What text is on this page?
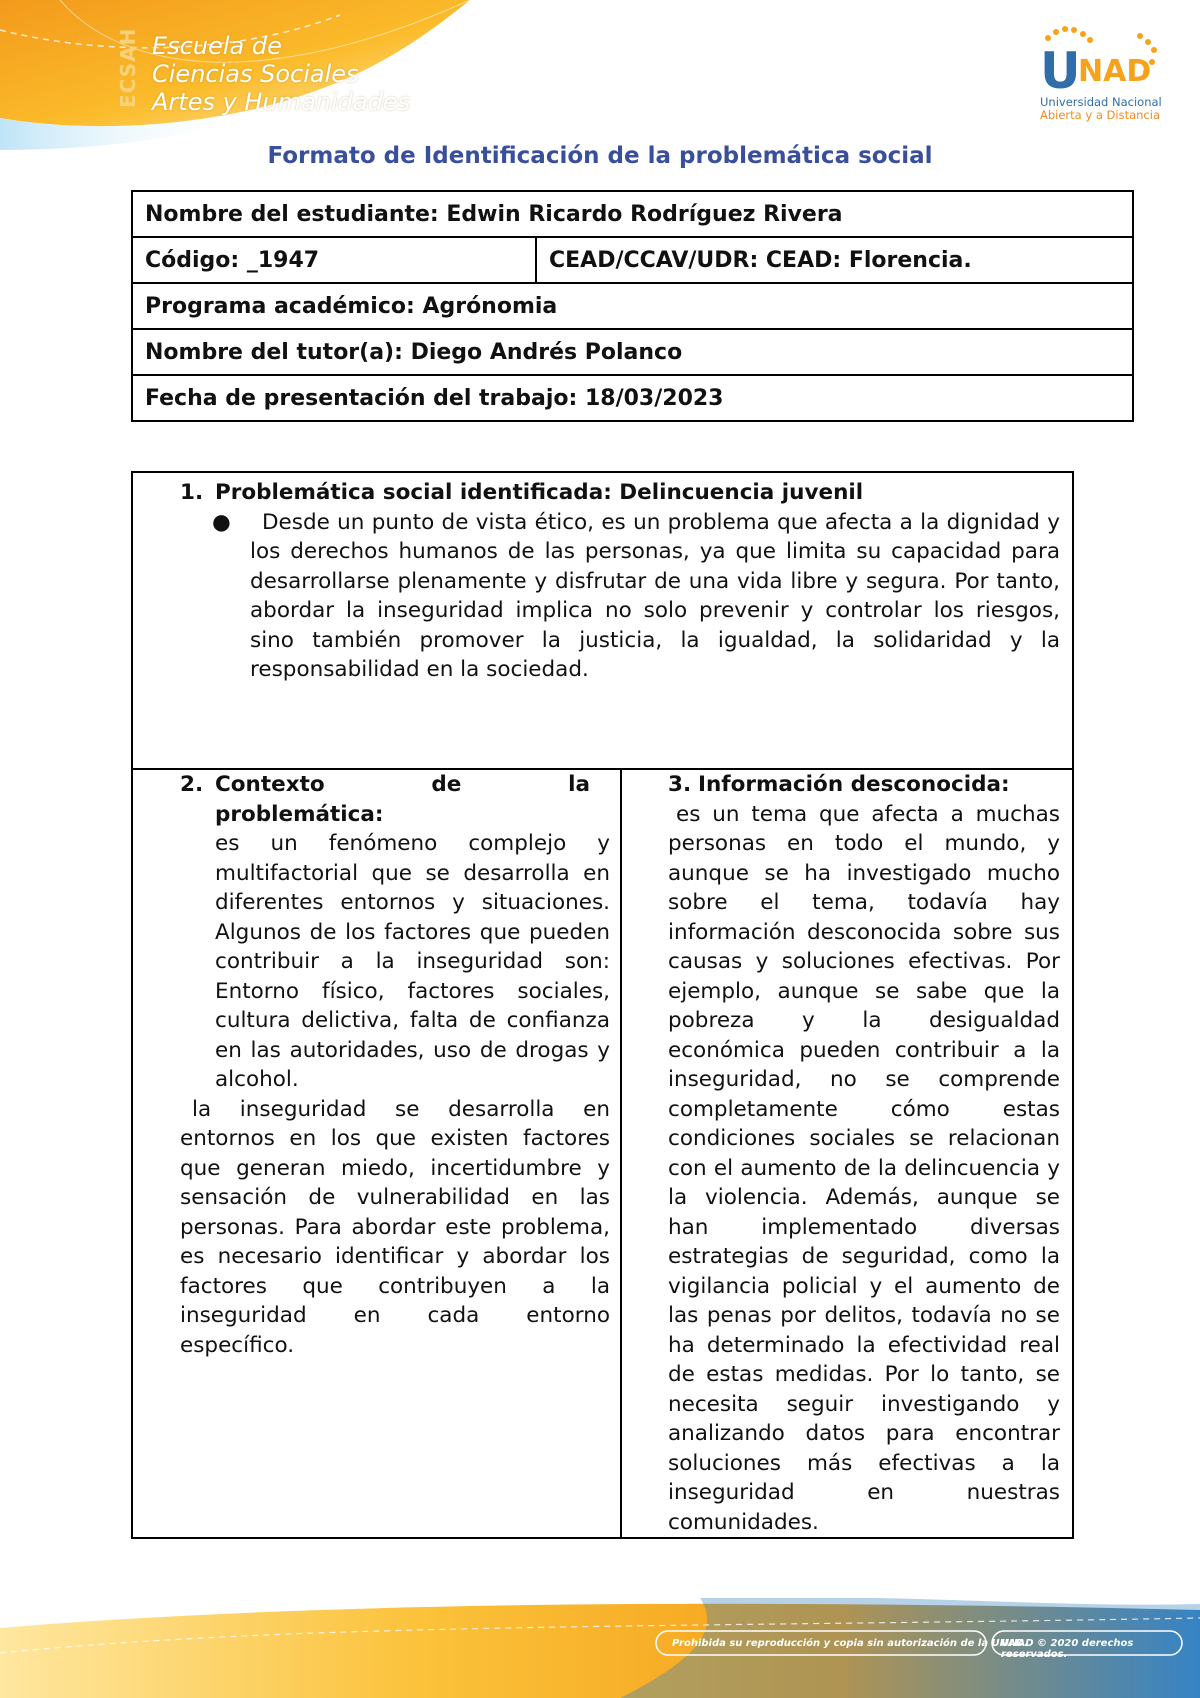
ECSAH Escuela de
Ciencias Sociales
Artes y Humanidades
U
NAD
Universidad Nacional
Abierta y a Distancia
Formato de Identificación de la problemática social
Nombre del estudiante: Edwin Ricardo Rodríguez Rivera
Código: _1947	CEAD/CCAV/UDR: CEAD: Florencia.
Programa académico: Agrónomia
Nombre del tutor(a): Diego Andrés Polanco
Fecha de presentación del trabajo: 18/03/2023
1. Problemática social identificada: Delincuencia juvenil
●	Desde un punto de vista ético, es un problema que afecta a la dignidad y los derechos humanos de las personas, ya que limita su capacidad para desarrollarse plenamente y disfrutar de una vida libre y segura. Por tanto, abordar la inseguridad implica no solo prevenir y controlar los riesgos, sino también promover la justicia, la igualdad, la solidaridad y la responsabilidad en la sociedad.

2. Contexto de la
problemática:
es un fenómeno complejo y multifactorial que se desarrolla en diferentes entornos y situaciones. Algunos de los factores que pueden contribuir a la inseguridad son: Entorno físico, factores sociales, cultura delictiva, falta de confianza en las autoridades, uso de drogas y alcohol.
la inseguridad se desarrolla en entornos en los que existen factores que generan miedo, incertidumbre y sensación de vulnerabilidad en las personas. Para abordar este problema, es necesario identificar y abordar los factores que contribuyen a la inseguridad en cada entorno específico.

3. Información desconocida:
es un tema que afecta a muchas personas en todo el mundo, y aunque se ha investigado mucho sobre el tema, todavía hay información desconocida sobre sus causas y soluciones efectivas. Por ejemplo, aunque se sabe que la pobreza y la desigualdad económica pueden contribuir a la inseguridad, no se comprende completamente cómo estas condiciones sociales se relacionan con el aumento de la delincuencia y la violencia. Además, aunque se han implementado diversas estrategias de seguridad, como la vigilancia policial y el aumento de las penas por delitos, todavía no se ha determinado la efectividad real de estas medidas. Por lo tanto, se necesita seguir investigando y analizando datos para encontrar soluciones más efectivas a la inseguridad en nuestras comunidades.
Prohibida su reproducción y copia sin autorización de la UNAD.
UNAD © 2020 derechos reservados.
